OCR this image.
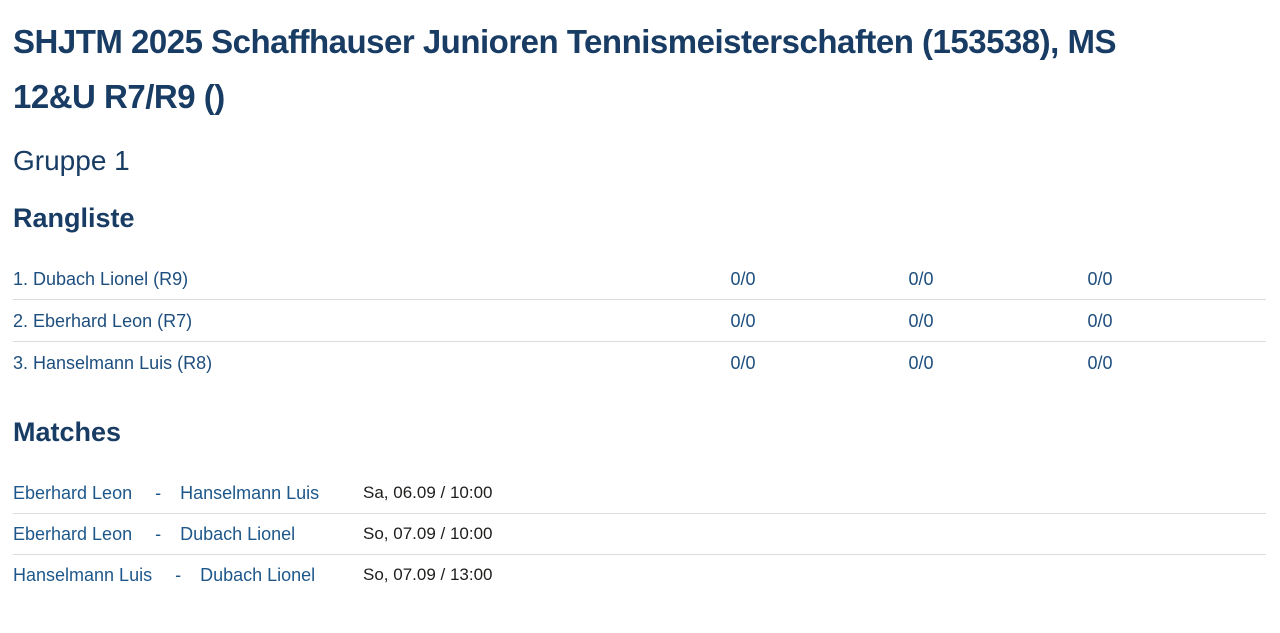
SHJTM 2025 Schaffhauser Junioren Tennismeisterschaften (153538), MS
12&U R7/R9 ()
Gruppe 1
Rangliste
1. Dubach Lionel (R9)	0/0	0/0	0/0
2. Eberhard Leon (R7)	0/0	0/0	0/0
3. Hanselmann Luis (R8)	0/0	0/0	0/0
Matches
Eberhard Leon - Hanselmann Luis	Sa, 06.09 / 10:00
Eberhard Leon - Dubach Lionel	So, 07.09 / 10:00
Hanselmann Luis - Dubach Lionel	So, 07.09 / 13:00
